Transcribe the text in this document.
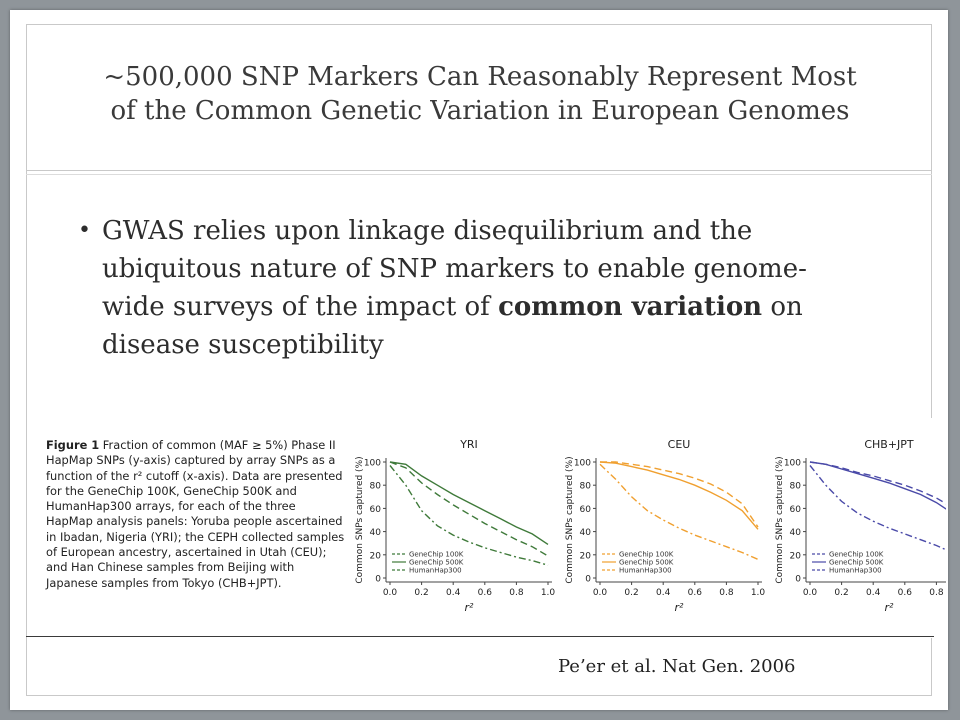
~500,000 SNP Markers Can Reasonably Represent Most
of the Common Genetic Variation in European Genomes
• GWAS relies upon linkage disequilibrium and the ubiquitous nature of SNP markers to enable genome-wide surveys of the impact of common variation on disease susceptibility
Figure 1 Fraction of common (MAF ≥ 5%) Phase II HapMap SNPs (y-axis) captured by array SNPs as a function of the r² cutoff (x-axis). Data are presented for the GeneChip 100K, GeneChip 500K and HumanHap300 arrays, for each of the three HapMap analysis panels: Yoruba people ascertained in Ibadan, Nigeria (YRI); the CEPH collected samples of European ancestry, ascertained in Utah (CEU); and Han Chinese samples from Beijing with Japanese samples from Tokyo (CHB+JPT).
YRI
0
20
40
60
80
100
0.0 0.2 0.4 0.6 0.8 1.0
r²
Common SNPs captured (%)	GeneChip 100K
GeneChip 500K
HumanHap300
CEU
0
20
40
60
80
100
0.0 0.2 0.4 0.6 0.8 1.0
r²
Common SNPs captured (%)	GeneChip 100K
GeneChip 500K
HumanHap300
CHB+JPT
0
20
40
60
80
100
0.0 0.2 0.4 0.6 0.8
r²
Common SNPs captured (%)	GeneChip 100K
GeneChip 500K
HumanHap300
Pe’er et al. Nat Gen. 2006
